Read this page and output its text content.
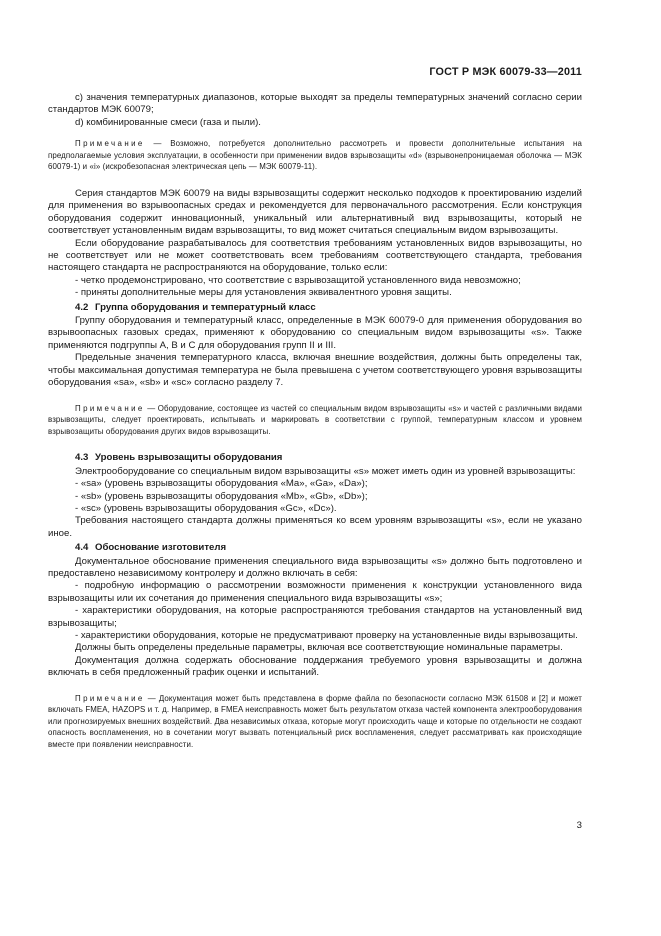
ГОСТ Р МЭК 60079-33—2011

c) значения температурных диапазонов, которые выходят за пределы температурных значений согласно серии стандартов МЭК 60079;

d) комбинированные смеси (газа и пыли).

Примечание — Возможно, потребуется дополнительно рассмотреть и провести дополнительные испытания на предполагаемые условия эксплуатации, в особенности при применении видов взрывозащиты «d» (взрывонепроницаемая оболочка — МЭК 60079-1) и «i» (искробезопасная электрическая цепь — МЭК 60079-11).

Серия стандартов МЭК 60079 на виды взрывозащиты содержит несколько подходов к проектированию изделий для применения во взрывоопасных средах и рекомендуется для первоначального рассмотрения. Если конструкция оборудования содержит инновационный, уникальный или альтернативный вид взрывозащиты, который не соответствует установленным видам взрывозащиты, то вид может считаться специальным видом взрывозащиты.

Если оборудование разрабатывалось для соответствия требованиям установленных видов взрывозащиты, но не соответствует или не может соответствовать всем требованиям соответствующего стандарта, требования настоящего стандарта не распространяются на оборудование, только если:

- четко продемонстрировано, что соответствие с взрывозащитой установленного вида невозможно;

- приняты дополнительные меры для установления эквивалентного уровня защиты.

4.2 Группа оборудования и температурный класс

Группу оборудования и температурный класс, определенные в МЭК 60079-0 для применения оборудования во взрывоопасных газовых средах, применяют к оборудованию со специальным видом взрывозащиты «s». Также применяются подгруппы А, В и С для оборудования групп II и III.

Предельные значения температурного класса, включая внешние воздействия, должны быть определены так, чтобы максимальная допустимая температура не была превышена с учетом соответствующего уровня взрывозащиты оборудования «sa», «sb» и «sc» согласно разделу 7.

Примечание — Оборудование, состоящее из частей со специальным видом взрывозащиты «s» и частей с различными видами взрывозащиты, следует проектировать, испытывать и маркировать в соответствии с группой, температурным классом и уровнем взрывозащиты оборудования других видов взрывозащиты.

4.3 Уровень взрывозащиты оборудования

Электрооборудование со специальным видом взрывозащиты «s» может иметь один из уровней взрывозащиты:

- «sa» (уровень взрывозащиты оборудования «Ma», «Ga», «Da»);

- «sb» (уровень взрывозащиты оборудования «Mb», «Gb», «Db»);

- «sc» (уровень взрывозащиты оборудования «Gc», «Dc»).

Требования настоящего стандарта должны применяться ко всем уровням взрывозащиты «s», если не указано иное.

4.4 Обоснование изготовителя

Документальное обоснование применения специального вида взрывозащиты «s» должно быть подготовлено и предоставлено независимому контролеру и должно включать в себя:

- подробную информацию о рассмотрении возможности применения к конструкции установленного вида взрывозащиты или их сочетания до применения специального вида взрывозащиты «s»;

- характеристики оборудования, на которые распространяются требования стандартов на установленный вид взрывозащиты;

- характеристики оборудования, которые не предусматривают проверку на установленные виды взрывозащиты.

Должны быть определены предельные параметры, включая все соответствующие номинальные параметры.

Документация должна содержать обоснование поддержания требуемого уровня взрывозащиты и должна включать в себя предложенный график оценки и испытаний.

Примечание — Документация может быть представлена в форме файла по безопасности согласно МЭК 61508 и [2] и может включать FMEA, HAZOPS и т. д. Например, в FMEA неисправность может быть результатом отказа частей компонента электрооборудования или прогнозируемых внешних воздействий. Два независимых отказа, которые могут происходить чаще и которые по отдельности не создают опасность воспламенения, но в сочетании могут вызвать потенциальный риск воспламенения, следует рассматривать как происходящие вместе при появлении неисправности.

3
